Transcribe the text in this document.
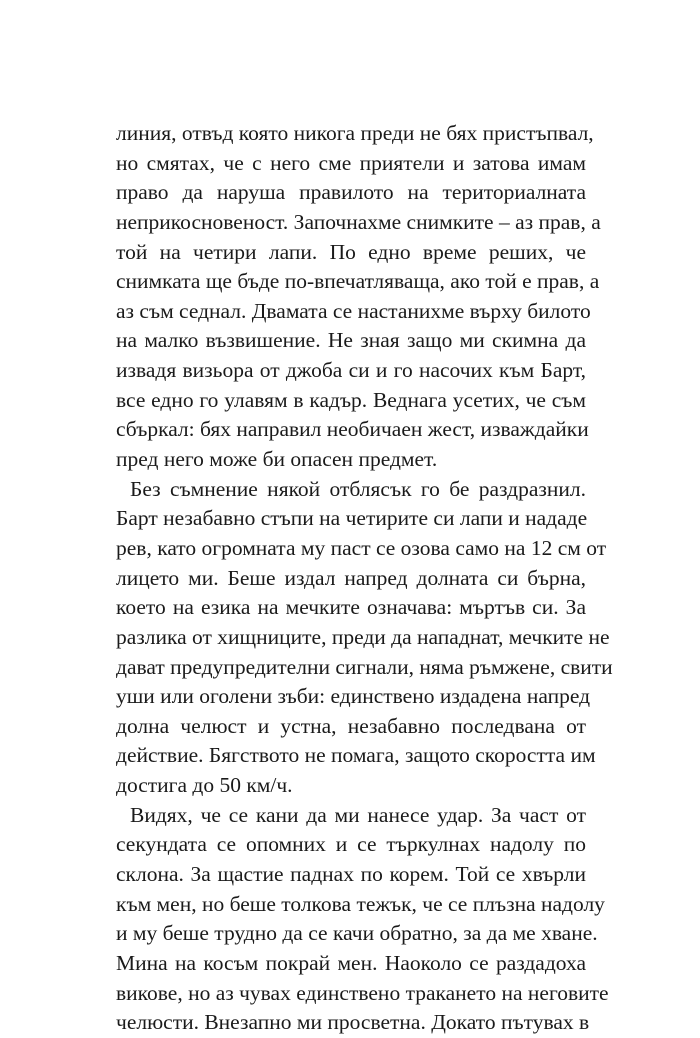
линия, отвъд която никога преди не бях пристъпвал,
но смятах, че с него сме приятели и затова имам
право да наруша правилото на териториалната
неприкосновеност. Започнахме снимките – аз прав, а
той на четири лапи. По едно време реших, че
снимката ще бъде по-впечатляваща, ако той е прав, а
аз съм седнал. Двамата се настанихме върху билото
на малко възвишение. Не зная защо ми скимна да
извадя визьора от джоба си и го насочих към Барт,
все едно го улавям в кадър. Веднага усетих, че съм
сбъркал: бях направил необичаен жест, изваждайки
пред него може би опасен предмет.
Без съмнение някой отблясък го бе раздразнил.
Барт незабавно стъпи на четирите си лапи и нададе
рев, като огромната му паст се озова само на 12 см от
лицето ми. Беше издал напред долната си бърна,
което на езика на мечките означава: мъртъв си. За
разлика от хищниците, преди да нападнат, мечките не
дават предупредителни сигнали, няма ръмжене, свити
уши или оголени зъби: единствено издадена напред
долна челюст и устна, незабавно последвана от
действие. Бягството не помага, защото скоростта им
достига до 50 км/ч.
Видях, че се кани да ми нанесе удар. За част от
секундата се опомних и се търкулнах надолу по
склона. За щастие паднах по корем. Той се хвърли
към мен, но беше толкова тежък, че се плъзна надолу
и му беше трудно да се качи обратно, за да ме хване.
Мина на косъм покрай мен. Наоколо се раздадоха
викове, но аз чувах единствено тракането на неговите
челюсти. Внезапно ми просветна. Докато пътувах в
